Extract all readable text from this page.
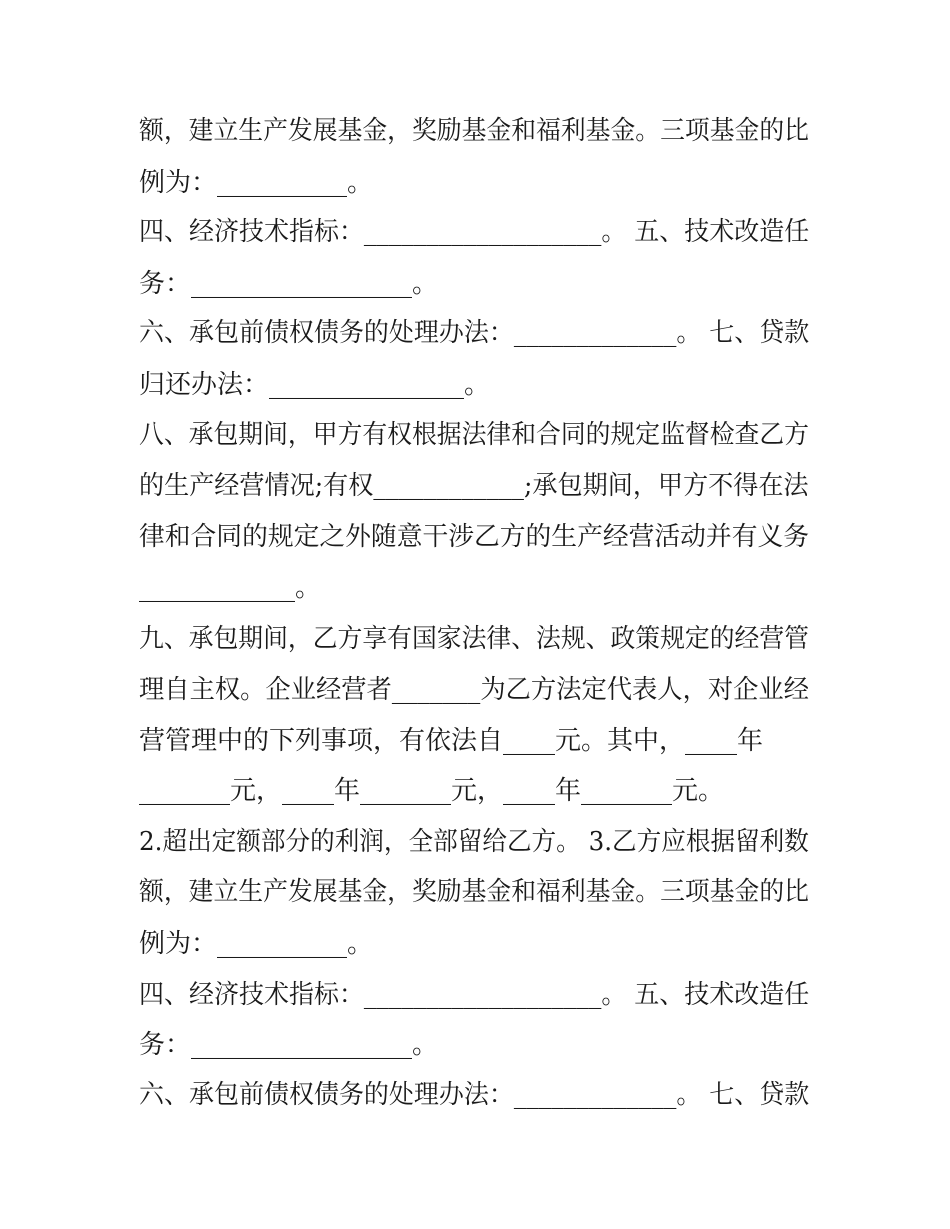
额，建立生产发展基金，奖励基金和福利基金。三项基金的比
例为：__________。
四、经济技术指标：___________________。 五、技术改造任
务：_________________。
六、承包前债权债务的处理办法：_____________。 七、贷款
归还办法：_______________。
八、承包期间，甲方有权根据法律和合同的规定监督检查乙方
的生产经营情况;有权____________;承包期间，甲方不得在法
律和合同的规定之外随意干涉乙方的生产经营活动并有义务
____________。
九、承包期间，乙方享有国家法律、法规、政策规定的经营管
理自主权。企业经营者_______为乙方法定代表人，对企业经
营管理中的下列事项，有依法自____元。其中，____年
_______元，____年_______元，____年_______元。
2.超出定额部分的利润，全部留给乙方。 3.乙方应根据留利数
额，建立生产发展基金，奖励基金和福利基金。三项基金的比
例为：__________。
四、经济技术指标：___________________。 五、技术改造任
务：_________________。
六、承包前债权债务的处理办法：_____________。 七、贷款
